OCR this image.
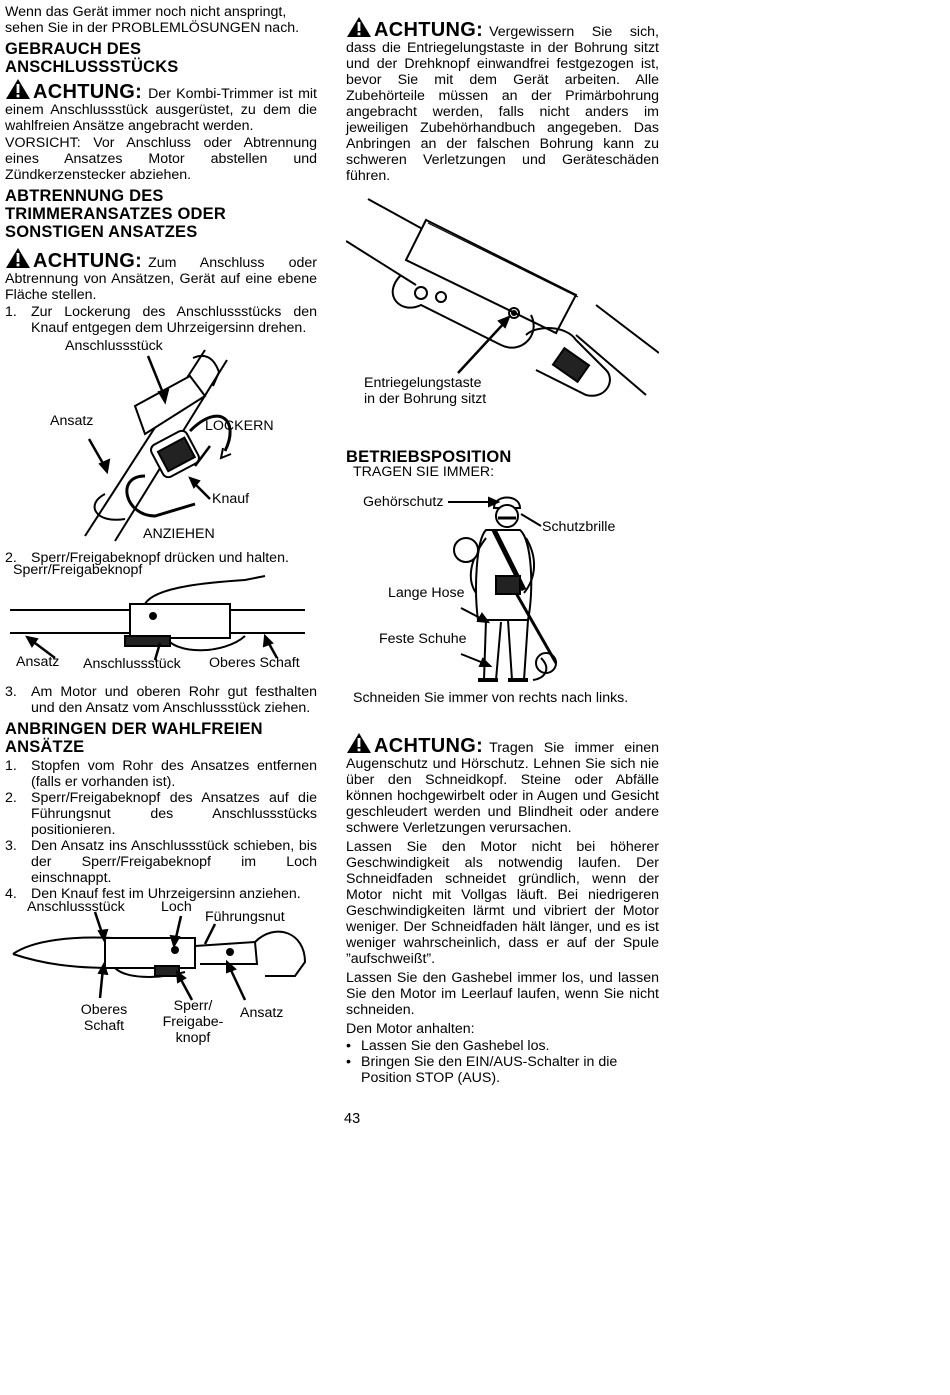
Wenn das Gerät immer noch nicht anspringt, sehen Sie in der PROBLEMLÖSUNGEN nach.

GEBRAUCH DES ANSCHLUSSSTÜCKS
ACHTUNG: Der Kombi-Trimmer ist mit einem Anschlussstück ausgerüstet, zu dem die wahlfreien Ansätze angebracht werden.

VORSICHT: Vor Anschluss oder Abtrennung eines Ansatzes Motor abstellen und Zündkerzenstecker abziehen.

ABTRENNUNG DES TRIMMERANSATZES ODER SONSTIGEN ANSATZES
ACHTUNG: Zum Anschluss oder Abtrennung von Ansätzen, Gerät auf eine ebene Fläche stellen.
1. Zur Lockerung des Anschlussstücks den Knauf entgegen dem Uhrzeigersinn drehen.
Anschlussstück
Ansatz	LOCKERN
Knauf
ANZIEHEN
2. Sperr/Freigabeknopf drücken und halten.
Sperr/Freigabeknopf
Ansatz Anschlussstück Oberes Schaft
3. Am Motor und oberen Rohr gut festhalten und den Ansatz vom Anschlussstück ziehen.
ANBRINGEN DER WAHLFREIEN ANSÄTZE
1. Stopfen vom Rohr des Ansatzes entfernen (falls er vorhanden ist).
2. Sperr/Freigabeknopf des Ansatzes auf die Führungsnut des Anschlussstücks positionieren.
3. Den Ansatz ins Anschlussstück schieben, bis der Sperr/Freigabeknopf im Loch einschnappt.
4. Den Knauf fest im Uhrzeigersinn anziehen.
Anschlussstück	Loch
Führungsnut
Oberes
Schaft
Sperr/
Freigabe-
knopf
Ansatz
ACHTUNG: Vergewissern Sie sich, dass die Entriegelungstaste in der Bohrung sitzt und der Drehknopf einwandfrei festgezogen ist, bevor Sie mit dem Gerät arbeiten. Alle Zubehörteile müssen an der Primärbohrung angebracht werden, falls nicht anders im jeweiligen Zubehörhandbuch angegeben. Das Anbringen an der falschen Bohrung kann zu schweren Verletzungen und Geräteschäden führen.
Entriegelungstaste
in der Bohrung sitzt
BETRIEBSPOSITION
TRAGEN SIE IMMER:
Gehörschutz
Schutzbrille
Lange Hose
Feste Schuhe

Schneiden Sie immer von rechts nach links.

ACHTUNG: Tragen Sie immer einen Augenschutz und Hörschutz. Lehnen Sie sich nie über den Schneidkopf. Steine oder Abfälle können hochgewirbelt oder in Augen und Gesicht geschleudert werden und Blindheit oder andere schwere Verletzungen verursachen.

Lassen Sie den Motor nicht bei höherer Geschwindigkeit als notwendig laufen. Der Schneidfaden schneidet gründlich, wenn der Motor nicht mit Vollgas läuft. Bei niedrigeren Geschwindigkeiten lärmt und vibriert der Motor weniger. Der Schneidfaden hält länger, und es ist weniger wahrscheinlich, dass er auf der Spule ”aufschweißt”.

Lassen Sie den Gashebel immer los, und lassen Sie den Motor im Leerlauf laufen, wenn Sie nicht schneiden.

Den Motor anhalten:

• Lassen Sie den Gashebel los.
• Bringen Sie den EIN/AUS-Schalter in die Position STOP (AUS).
43
